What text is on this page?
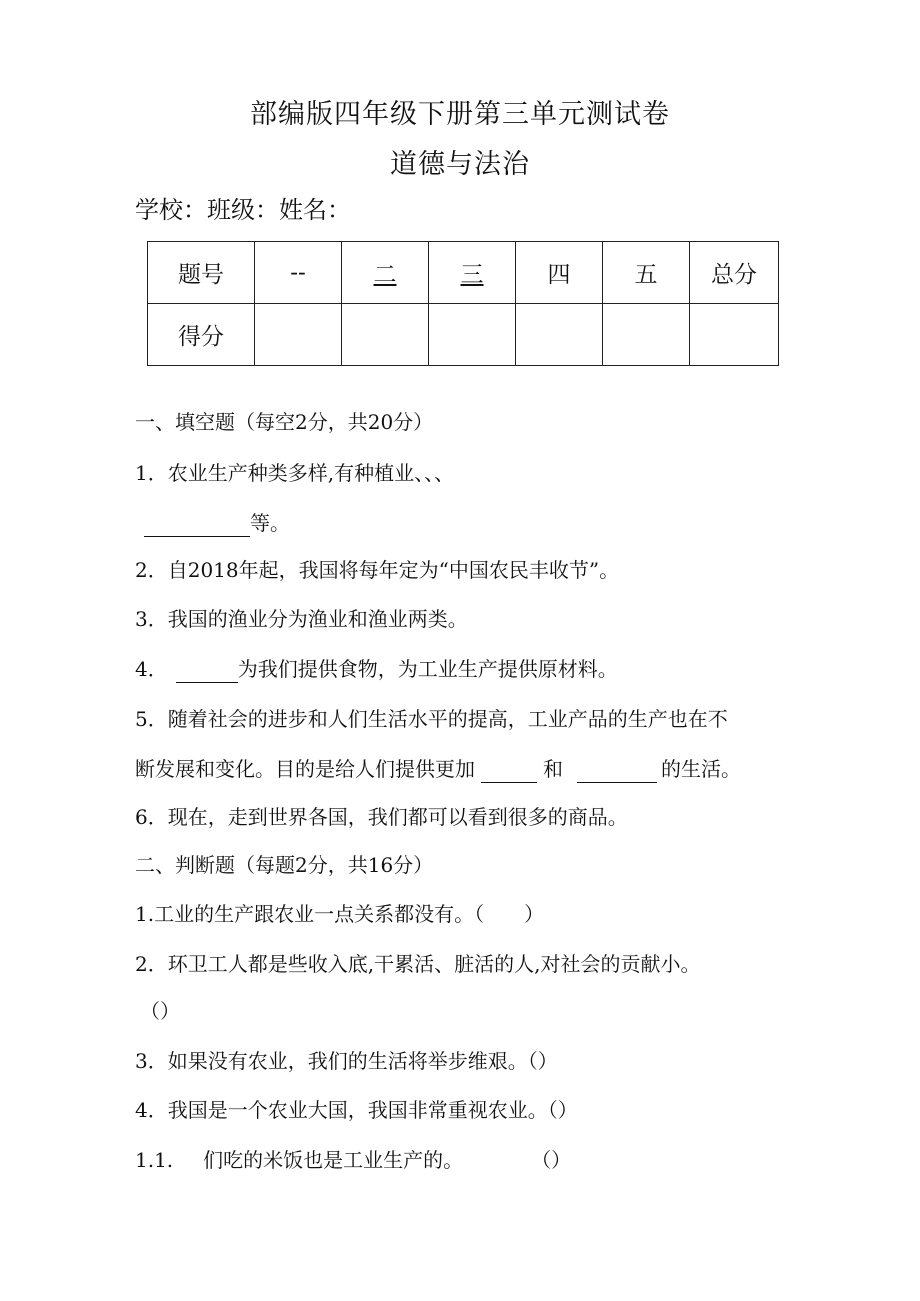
部编版四年级下册第三单元测试卷
道德与法治
学校：班级：姓名：
题号	--	二	三	四	五	总分
得分						
一、填空题（每空2分，共20分）
1．农业生产种类多样,有种植业、、、
等。
2．自2018年起，我国将每年定为“中国农民丰收节”。
3．我国的渔业分为渔业和渔业两类。
4．	为我们提供食物，为工业生产提供原材料。
5．随着社会的进步和人们生活水平的提高，工业产品的生产也在不
断发展和变化。目的是给人们提供更加	和	的生活。
6．现在，走到世界各国，我们都可以看到很多的商品。
二、判断题（每题2分，共16分）
1.工业的生产跟农业一点关系都没有。（　　）
2．环卫工人都是些收入底,干累活、脏活的人,对社会的贡献小。
（）
3．如果没有农业，我们的生活将举步维艰。（）
4．我国是一个农业大国，我国非常重视农业。（）
1.1. 们吃的米饭也是工业生产的。	（）
